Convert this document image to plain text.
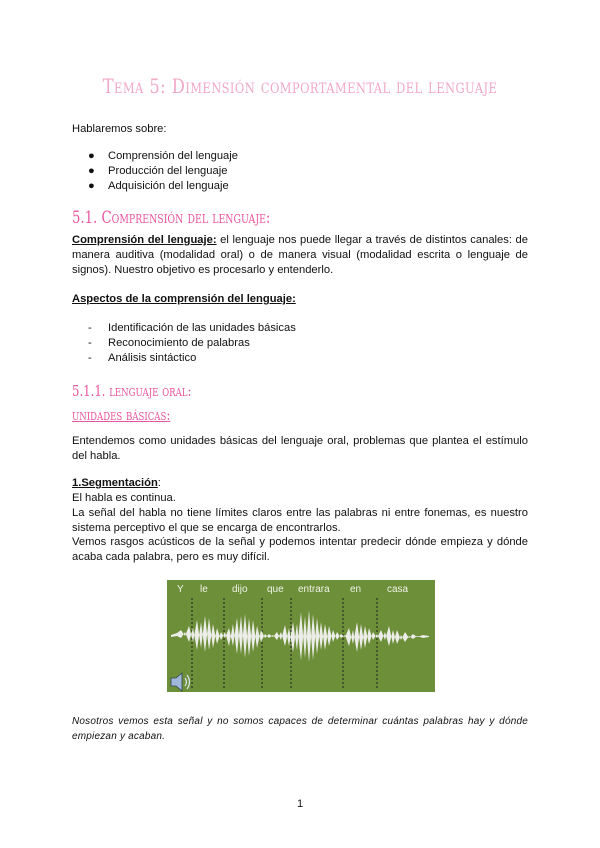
Tema 5: Dimensión comportamental del lenguaje
Hablaremos sobre:
● Comprensión del lenguaje
● Producción del lenguaje
● Adquisición del lenguaje
5.1. Comprensión del lenguaje:
Comprensión del lenguaje: el lenguaje nos puede llegar a través de distintos canales: de manera auditiva (modalidad oral) o de manera visual (modalidad escrita o lenguaje de signos). Nuestro objetivo es procesarlo y entenderlo.
Aspectos de la comprensión del lenguaje:
- Identificación de las unidades básicas
- Reconocimiento de palabras
- Análisis sintáctico
5.1.1. lenguaje oral:
unidades básicas:
Entendemos como unidades básicas del lenguaje oral, problemas que plantea el estímulo del habla.
1.Segmentación:
El habla es continua.
La señal del habla no tiene límites claros entre las palabras ni entre fonemas, es nuestro sistema perceptivo el que se encarga de encontrarlos.
Vemos rasgos acústicos de la señal y podemos intentar predecir dónde empieza y dónde acaba cada palabra, pero es muy difícil.
Y le dijo que entrara en	casa
Nosotros vemos esta señal y no somos capaces de determinar cuántas palabras hay y dónde empiezan y acaban.
1
